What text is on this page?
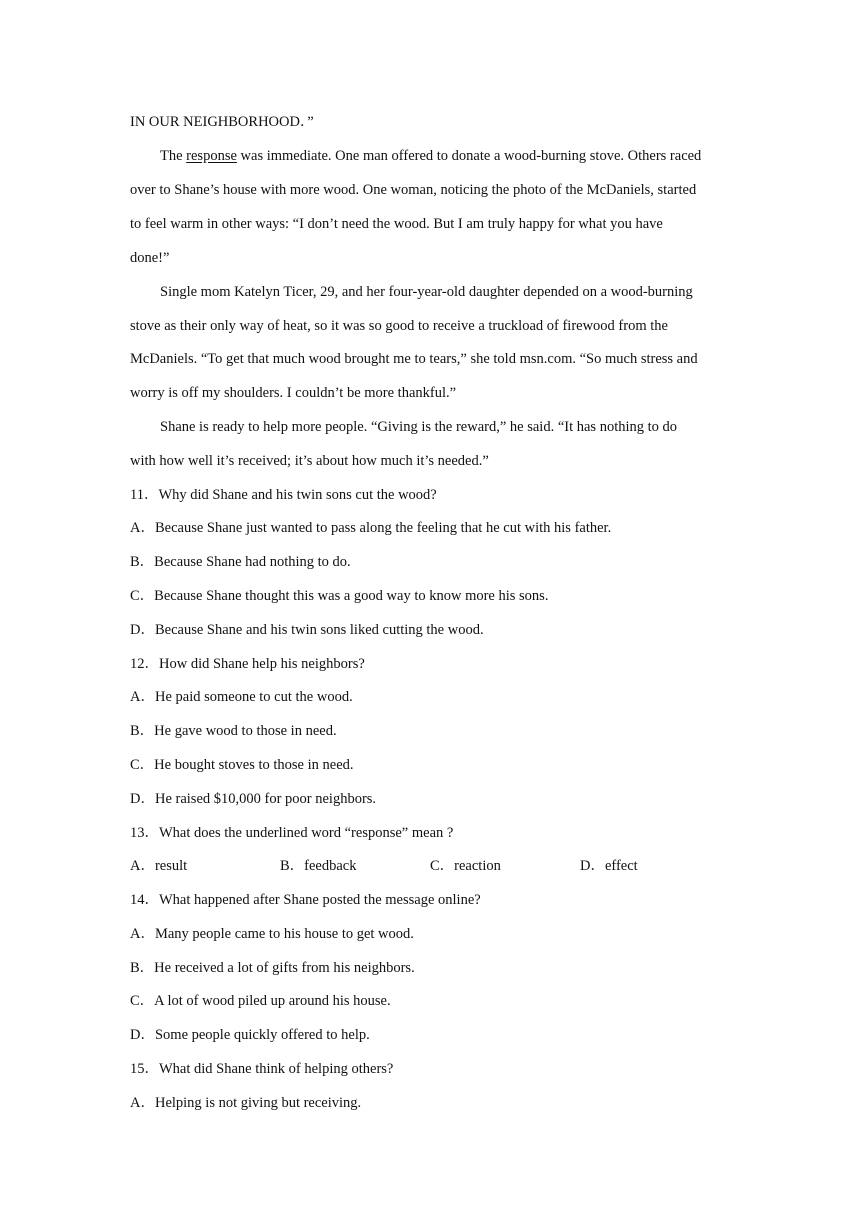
IN OUR NEIGHBORHOOD．”
The response was immediate. One man offered to donate a wood-burning stove. Others raced
over to Shane’s house with more wood. One woman, noticing the photo of the McDaniels, started
to feel warm in other ways: “I don’t need the wood. But I am truly happy for what you have
done!”
Single mom Katelyn Ticer, 29, and her four-year-old daughter depended on a wood-burning
stove as their only way of heat, so it was so good to receive a truckload of firewood from the
McDaniels. “To get that much wood brought me to tears,” she told msn.com. “So much stress and
worry is off my shoulders. I couldn’t be more thankful.”
Shane is ready to help more people. “Giving is the reward,” he said. “It has nothing to do
with how well it’s received; it’s about how much it’s needed.”
11．Why did Shane and his twin sons cut the wood?
A．Because Shane just wanted to pass along the feeling that he cut with his father.
B．Because Shane had nothing to do.
C．Because Shane thought this was a good way to know more his sons.
D．Because Shane and his twin sons liked cutting the wood.
12．How did Shane help his neighbors?
A．He paid someone to cut the wood.
B．He gave wood to those in need.
C．He bought stoves to those in need.
D．He raised $10,000 for poor neighbors.
13．What does the underlined word “response” mean ?
A．result	B．feedback	C．reaction	D．effect
14．What happened after Shane posted the message online?
A．Many people came to his house to get wood.
B．He received a lot of gifts from his neighbors.
C．A lot of wood piled up around his house.
D．Some people quickly offered to help.
15．What did Shane think of helping others?
A．Helping is not giving but receiving.
